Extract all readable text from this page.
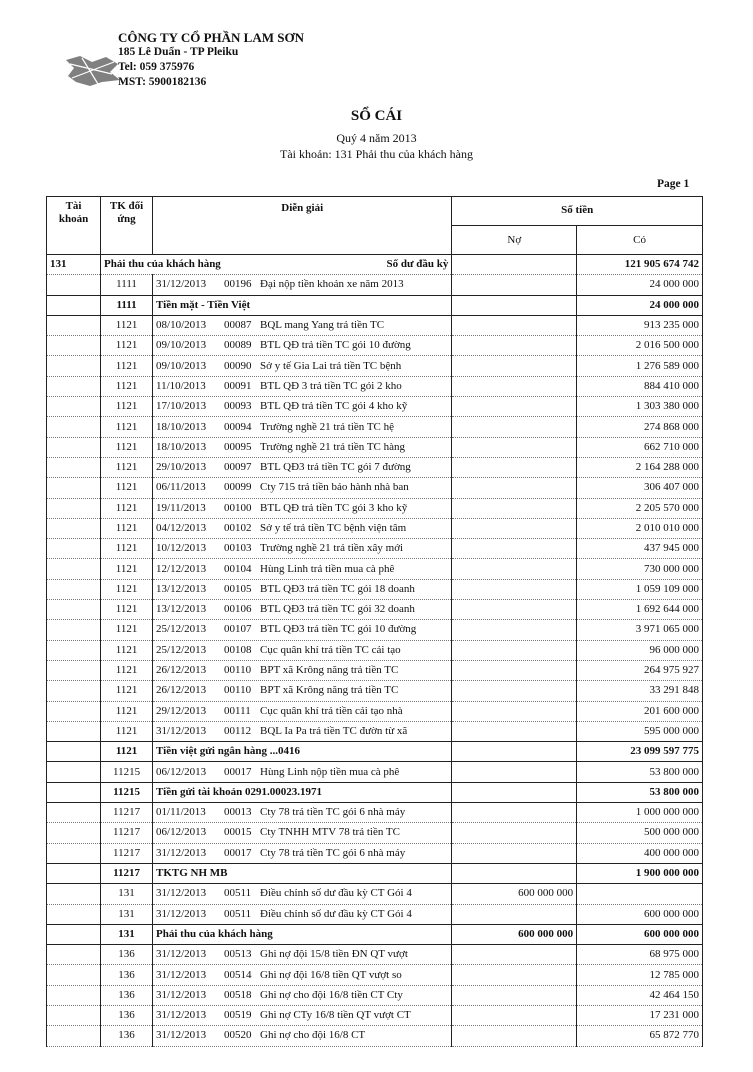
CÔNG TY CỔ PHẦN LAM SƠN
185 Lê Duẩn - TP Pleiku
Tel: 059 375976
MST: 5900182136
SỔ CÁI
Quý 4 năm 2013
Tài khoản: 131 Phải thu của khách hàng
Page 1
Tài khoản	TK đối ứng	Diễn giải	Số tiền	
			Nợ	Có
131	Phải thu của khách hàng Số dư đầu kỳ			121 905 674 742
	1111	31/12/2013 00196 Đại nộp tiền khoản xe năm 2013		24 000 000
	1111	Tiền mặt - Tiền Việt		24 000 000
	1121	08/10/2013 00087 BQL mang Yang trả tiền TC		913 235 000
	1121	09/10/2013 00089 BTL QĐ trả tiền TC gói 10 đường		2 016 500 000
	1121	09/10/2013 00090 Sở y tế Gia Lai trả tiền TC bệnh		1 276 589 000
	1121	11/10/2013 00091 BTL QĐ 3 trả tiền TC gói 2 kho		884 410 000
	1121	17/10/2013 00093 BTL QĐ trả tiền TC gói 4 kho kỹ		1 303 380 000
	1121	18/10/2013 00094 Trường nghề 21 trả tiền TC hệ		274 868 000
	1121	18/10/2013 00095 Trường nghề 21 trả tiền TC hàng		662 710 000
	1121	29/10/2013 00097 BTL QĐ3 trả tiền TC gói 7 đường		2 164 288 000
	1121	06/11/2013 00099 Cty 715 trả tiền bảo hành nhà ban		306 407 000
	1121	19/11/2013 00100 BTL QĐ trả tiền TC gói 3 kho kỹ		2 205 570 000
	1121	04/12/2013 00102 Sở y tế trả tiền TC bệnh viện tâm		2 010 010 000
	1121	10/12/2013 00103 Trường nghề 21 trả tiền xây mới		437 945 000
	1121	12/12/2013 00104 Hùng Linh trả tiền mua cà phê		730 000 000
	1121	13/12/2013 00105 BTL QĐ3 trả tiền TC gói 18 doanh		1 059 109 000
	1121	13/12/2013 00106 BTL QĐ3 trả tiền TC gói 32 doanh		1 692 644 000
	1121	25/12/2013 00107 BTL QĐ3 trả tiền TC gói 10 đường		3 971 065 000
	1121	25/12/2013 00108 Cục quân khí trả tiền TC cải tạo		96 000 000
	1121	26/12/2013 00110 BPT xã Krông năng trả tiền TC		264 975 927
	1121	26/12/2013 00110 BPT xã Krông năng trả tiền TC		33 291 848
	1121	29/12/2013 00111 Cục quân khí trả tiền cải tạo nhà		201 600 000
	1121	31/12/2013 00112 BQL Ia Pa trả tiền TC đườn từ xã		595 000 000
	1121	Tiền việt gửi ngân hàng ...0416		23 099 597 775
	11215	06/12/2013 00017 Hùng Linh nộp tiền mua cà phê		53 800 000
	11215	Tiền gửi tài khoản 0291.00023.1971		53 800 000
	11217	01/11/2013 00013 Cty 78 trả tiền TC gói 6 nhà máy		1 000 000 000
	11217	06/12/2013 00015 Cty TNHH MTV 78 trả tiền TC		500 000 000
	11217	31/12/2013 00017 Cty 78 trả tiền TC gói 6 nhà máy		400 000 000
	11217	TKTG NH MB		1 900 000 000
	131	31/12/2013 00511 Điều chỉnh số dư đầu kỳ CT Gói 4	600 000 000	
	131	31/12/2013 00511 Điều chỉnh số dư đầu kỳ CT Gói 4		600 000 000
	131	Phải thu của khách hàng	600 000 000	600 000 000
	136	31/12/2013 00513 Ghi nợ đội 15/8 tiền ĐN QT vượt		68 975 000
	136	31/12/2013 00514 Ghi nợ đội 16/8 tiền QT vượt so		12 785 000
	136	31/12/2013 00518 Ghi nợ cho đội 16/8 tiền CT Cty		42 464 150
	136	31/12/2013 00519 Ghi nợ CTy 16/8 tiền QT vượt CT		17 231 000
	136	31/12/2013 00520 Ghi nợ cho đội 16/8 CT		65 872 770
